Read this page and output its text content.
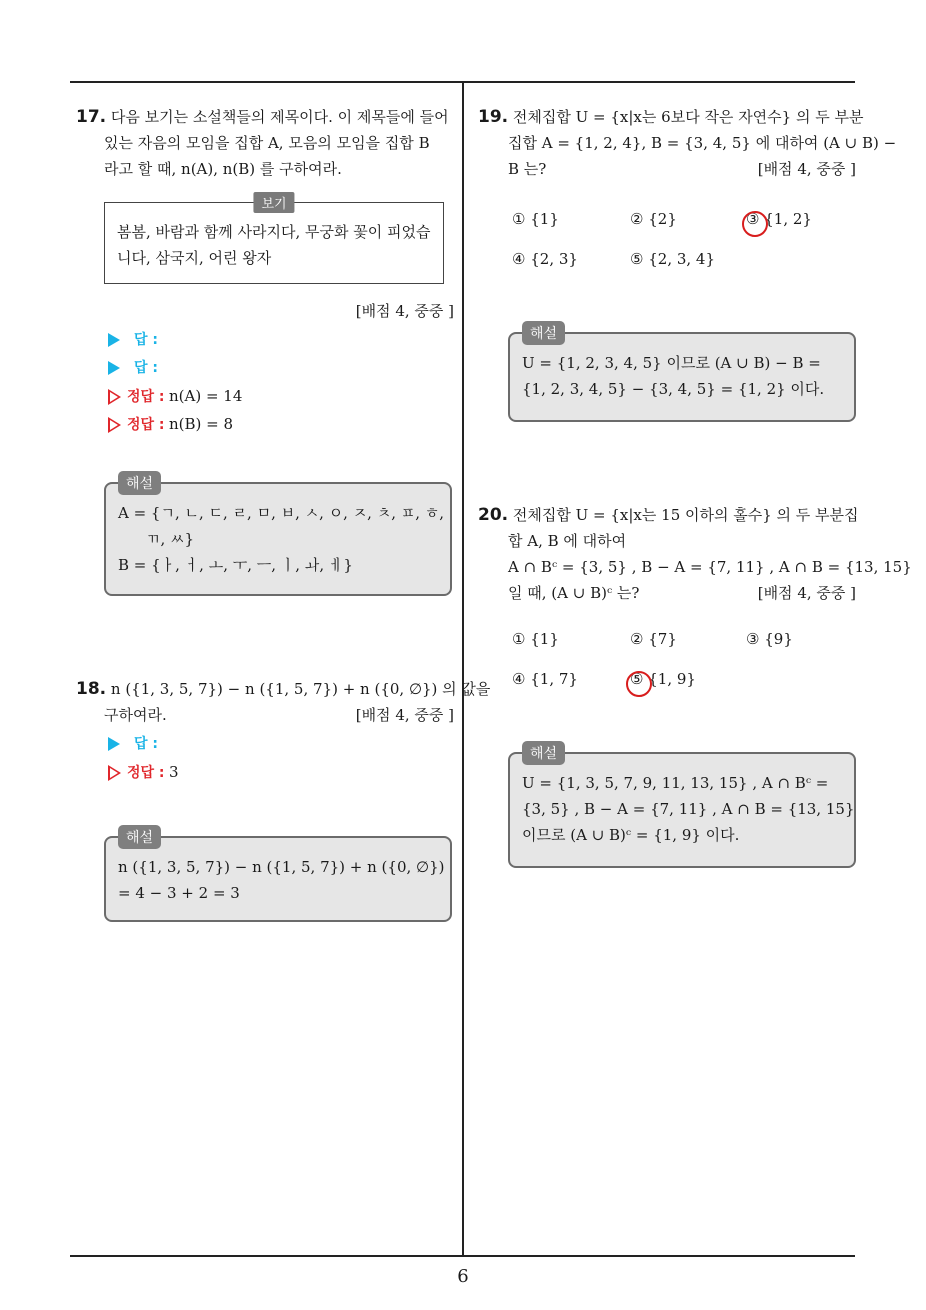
17. 다음 보기는 소설책들의 제목이다. 이 제목들에 들어
있는 자음의 모임을 집합 A, 모음의 모임을 집합 B
라고 할 때, n(A), n(B) 를 구하여라.
보기
봄봄, 바람과 함께 사라지다, 무궁화 꽃이 피었습
니다, 삼국지, 어린 왕자
[배점 4, 중중 ]
답 :
답 :
정답 : n(A) = 14
정답 : n(B) = 8
해설
A = {ㄱ, ㄴ, ㄷ, ㄹ, ㅁ, ㅂ, ㅅ, ㅇ, ㅈ, ㅊ, ㅍ, ㅎ,
ㄲ, ㅆ}
B = {ㅏ, ㅓ, ㅗ, ㅜ, ㅡ, ㅣ, ㅘ, ㅔ}
18. n ({1, 3, 5, 7}) − n ({1, 5, 7}) + n ({0, ∅}) 의 값을
구하여라.	[배점 4, 중중 ]
답 :
정답 : 3
해설
n ({1, 3, 5, 7}) − n ({1, 5, 7}) + n ({0, ∅})
= 4 − 3 + 2 = 3
19. 전체집합 U = {x|x는 6보다 작은 자연수} 의 두 부분
집합 A = {1, 2, 4}, B = {3, 4, 5} 에 대하여 (A ∪ B) −
B 는?	[배점 4, 중중 ]
① {1}	② {2}	③ {1, 2}
④ {2, 3}	⑤ {2, 3, 4}
해설
U = {1, 2, 3, 4, 5} 이므로 (A ∪ B) − B =
{1, 2, 3, 4, 5} − {3, 4, 5} = {1, 2} 이다.
20. 전체집합 U = {x|x는 15 이하의 홀수} 의 두 부분집
합 A, B 에 대하여
A ∩ Bᶜ = {3, 5} , B − A = {7, 11} , A ∩ B = {13, 15}
일 때, (A ∪ B)ᶜ 는?	[배점 4, 중중 ]
① {1}	② {7}	③ {9}
④ {1, 7}	⑤ {1, 9}
해설
U = {1, 3, 5, 7, 9, 11, 13, 15} , A ∩ Bᶜ =
{3, 5} , B − A = {7, 11} , A ∩ B = {13, 15}
이므로 (A ∪ B)ᶜ = {1, 9} 이다.
6
